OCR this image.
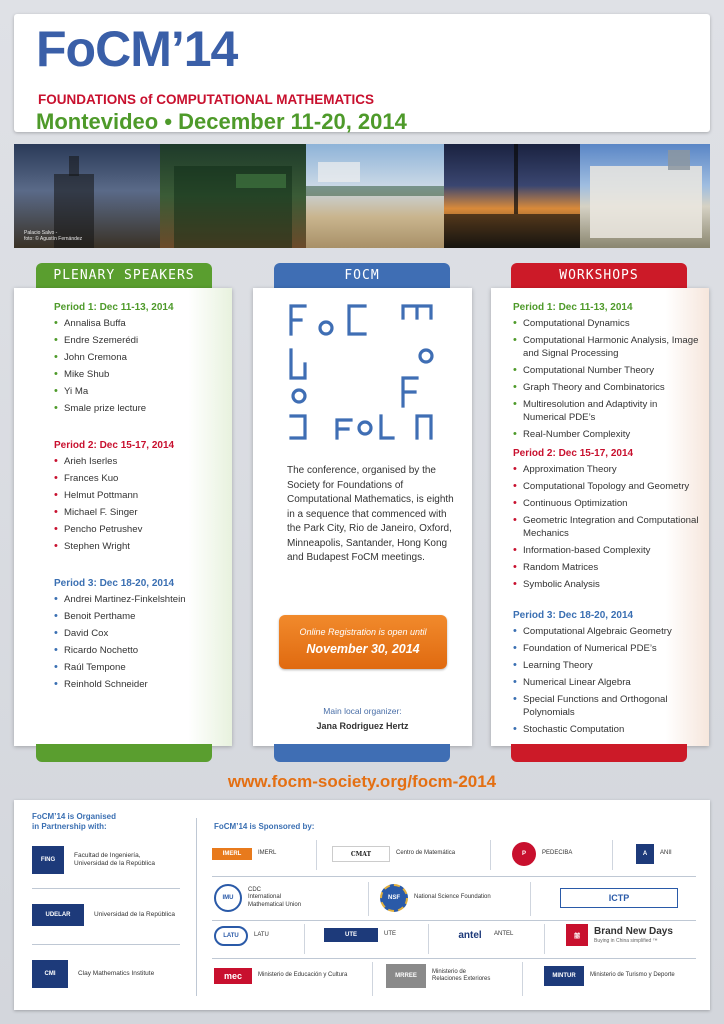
FoCM’14
FOUNDATIONS of COMPUTATIONAL MATHEMATICS
Montevideo • December 11-20, 2014
Palacio Salvo -
foto: © Agustín Fernández
PLENARY SPEAKERS	FOCM	WORKSHOPS
Period 1: Dec 11-13, 2014
• Annalisa Buffa
• Endre Szemerédi
• John Cremona
• Mike Shub
• Yi Ma
• Smale prize lecture
Period 2: Dec 15-17, 2014
• Arieh Iserles
• Frances Kuo
• Helmut Pottmann
• Michael F. Singer
• Pencho Petrushev
• Stephen Wright
Period 3: Dec 18-20, 2014
• Andrei Martinez-Finkelshtein
• Benoit Perthame
• David Cox
• Ricardo Nochetto
• Raúl Tempone
• Reinhold Schneider
The conference, organised by the Society for Foundations of Computational Mathematics, is eighth in a sequence that commenced with the Park City, Rio de Janeiro, Oxford, Minneapolis, Santander, Hong Kong and Budapest FoCM meetings.
Online Registration is open until
November 30, 2014
Main local organizer:
Jana Rodriguez Hertz
Period 1: Dec 11-13, 2014
• Computational Dynamics
• Computational Harmonic Analysis, Image and Signal Processing
• Computational Number Theory
• Graph Theory and Combinatorics
• Multiresolution and Adaptivity in Numerical PDE’s
• Real-Number Complexity
Period 2: Dec 15-17, 2014
• Approximation Theory
• Computational Topology and Geometry
• Continuous Optimization
• Geometric Integration and Computational Mechanics
• Information-based Complexity
• Random Matrices
• Symbolic Analysis
Period 3: Dec 18-20, 2014
• Computational Algebraic Geometry
• Foundation of Numerical PDE’s
• Learning Theory
• Numerical Linear Algebra
• Special Functions and Orthogonal Polynomials
• Stochastic Computation
www.focm-society.org/focm-2014
FoCM’14 is Organised
in Partnership with:
FING
Facultad de Ingeniería,
Universidad de la República
UDELAR	Universidad de la República
CMI	Clay Mathematics Institute
FoCM’14 is Sponsored by:
IMERL	IMERL	CMAT	Centro de Matemática	P	PEDECIBA	A	ANII
IMU
CDC
International
Mathematical Union
NSF	National Science Foundation	ICTP
LATU	LATU	UTE	UTE	antel	ANTEL	囍	Brand New Days
Buying in China simplified ™
mec	Ministerio de Educación y Cultura	MRREE
Ministerio de
Relaciones Exteriores	MINTUR	Ministerio de Turismo y Deporte
